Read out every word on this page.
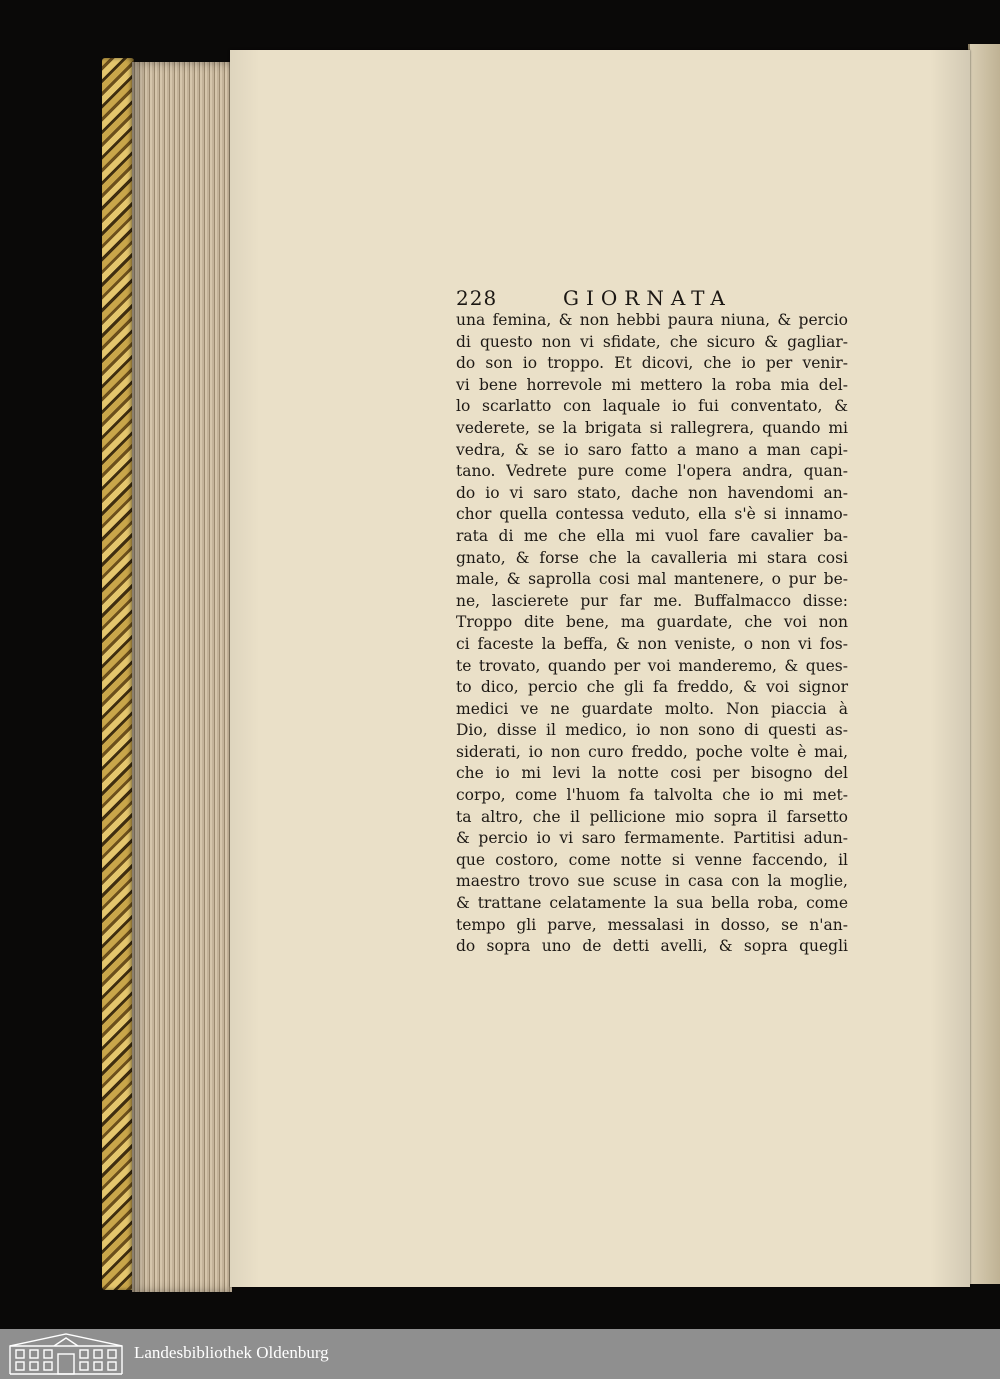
228	GIORNATA
una femina, & non hebbi paura niuna, & percio
di questo non vi sfidate, che sicuro & gagliar-
do son io troppo. Et dicovi, che io per venir-
vi bene horrevole mi mettero la roba mia del-
lo scarlatto con laquale io fui conventato, &
vederete, se la brigata si rallegrera, quando mi
vedra, & se io saro fatto a mano a man capi-
tano. Vedrete pure come l'opera andra, quan-
do io vi saro stato, dache non havendomi an-
chor quella contessa veduto, ella s'è si innamo-
rata di me che ella mi vuol fare cavalier ba-
gnato, & forse che la cavalleria mi stara cosi
male, & saprolla cosi mal mantenere, o pur be-
ne, lascierete pur far me. Buffalmacco disse:
Troppo dite bene, ma guardate, che voi non
ci faceste la beffa, & non veniste, o non vi fos-
te trovato, quando per voi manderemo, & ques-
to dico, percio che gli fa freddo, & voi signor
medici ve ne guardate molto. Non piaccia à
Dio, disse il medico, io non sono di questi as-
siderati, io non curo freddo, poche volte è mai,
che io mi levi la notte cosi per bisogno del
corpo, come l'huom fa talvolta che io mi met-
ta altro, che il pellicione mio sopra il farsetto
& percio io vi saro fermamente. Partitisi adun-
que costoro, come notte si venne faccendo, il
maestro trovo sue scuse in casa con la moglie,
& trattane celatamente la sua bella roba, come
tempo gli parve, messalasi in dosso, se n'an-
do sopra uno de detti avelli, & sopra quegli
Landesbibliothek Oldenburg
